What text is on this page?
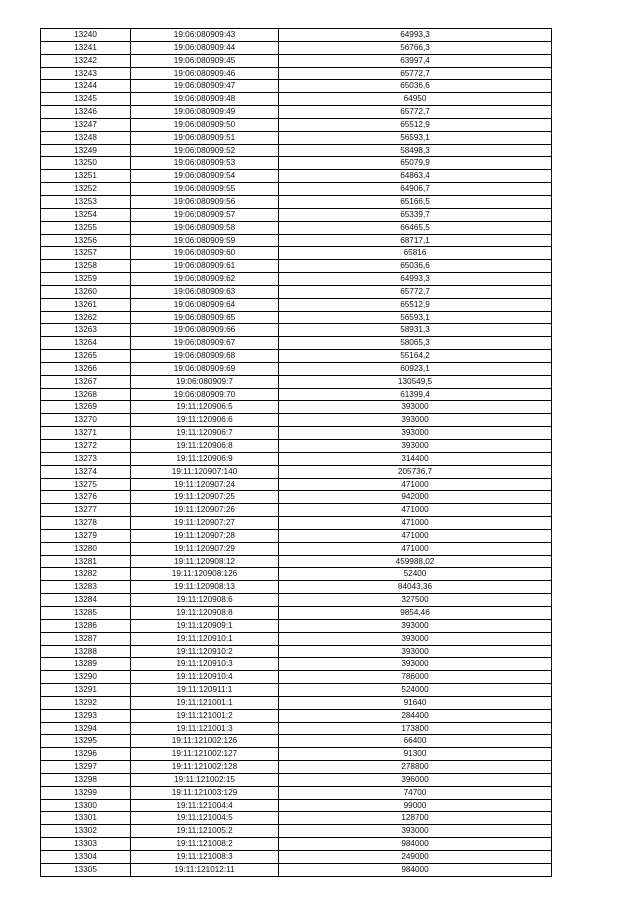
13240	19:06:080909:43	64993,3
13241	19:06:080909:44	56766,3
13242	19:06:080909:45	63997,4
13243	19:06:080909:46	65772,7
13244	19:06:080909:47	65036,6
13245	19:06:080909:48	64950
13246	19:06:080909:49	65772,7
13247	19:06:080909:50	65512,9
13248	19:06:080909:51	56593,1
13249	19:06:080909:52	58498,3
13250	19:06:080909:53	65079,9
13251	19:06:080909:54	64863,4
13252	19:06:080909:55	64906,7
13253	19:06:080909:56	65166,5
13254	19:06:080909:57	65339,7
13255	19:06:080909:58	66465,5
13256	19:06:080909:59	68717,1
13257	19:06:080909:60	65816
13258	19:06:080909:61	65036,6
13259	19:06:080909:62	64993,3
13260	19:06:080909:63	65772,7
13261	19:06:080909:64	65512,9
13262	19:06:080909:65	56593,1
13263	19:06:080909:66	58931,3
13264	19:06:080909:67	58065,3
13265	19:06:080909:68	55164,2
13266	19:06:080909:69	60923,1
13267	19:06:080909:7	130549,5
13268	19:06:080909:70	61399,4
13269	19:11:120906:5	393000
13270	19:11:120906:6	393000
13271	19:11:120906:7	393000
13272	19:11:120906:8	393000
13273	19:11:120906:9	314400
13274	19:11:120907:140	205736,7
13275	19:11:120907:24	471000
13276	19:11:120907:25	942000
13277	19:11:120907:26	471000
13278	19:11:120907:27	471000
13279	19:11:120907:28	471000
13280	19:11:120907:29	471000
13281	19:11:120908:12	459988,02
13282	19:11:120908:126	52400
13283	19:11:120908:13	84043,36
13284	19:11:120908:6	327500
13285	19:11:120908:8	9854,46
13286	19:11:120909:1	393000
13287	19:11:120910:1	393000
13288	19:11:120910:2	393000
13289	19:11:120910:3	393000
13290	19:11:120910:4	786000
13291	19:11:120911:1	524000
13292	19:11:121001:1	91640
13293	19:11:121001:2	284400
13294	19:11:121001:3	173800
13295	19:11:121002:126	66400
13296	19:11:121002:127	91300
13297	19:11:121002:128	278800
13298	19:11:121002:15	396000
13299	19:11:121003:129	74700
13300	19:11:121004:4	99000
13301	19:11:121004:5	128700
13302	19:11:121005:2	393000
13303	19:11:121008:2	984000
13304	19:11:121008:3	249000
13305	19:11:121012:11	984000
